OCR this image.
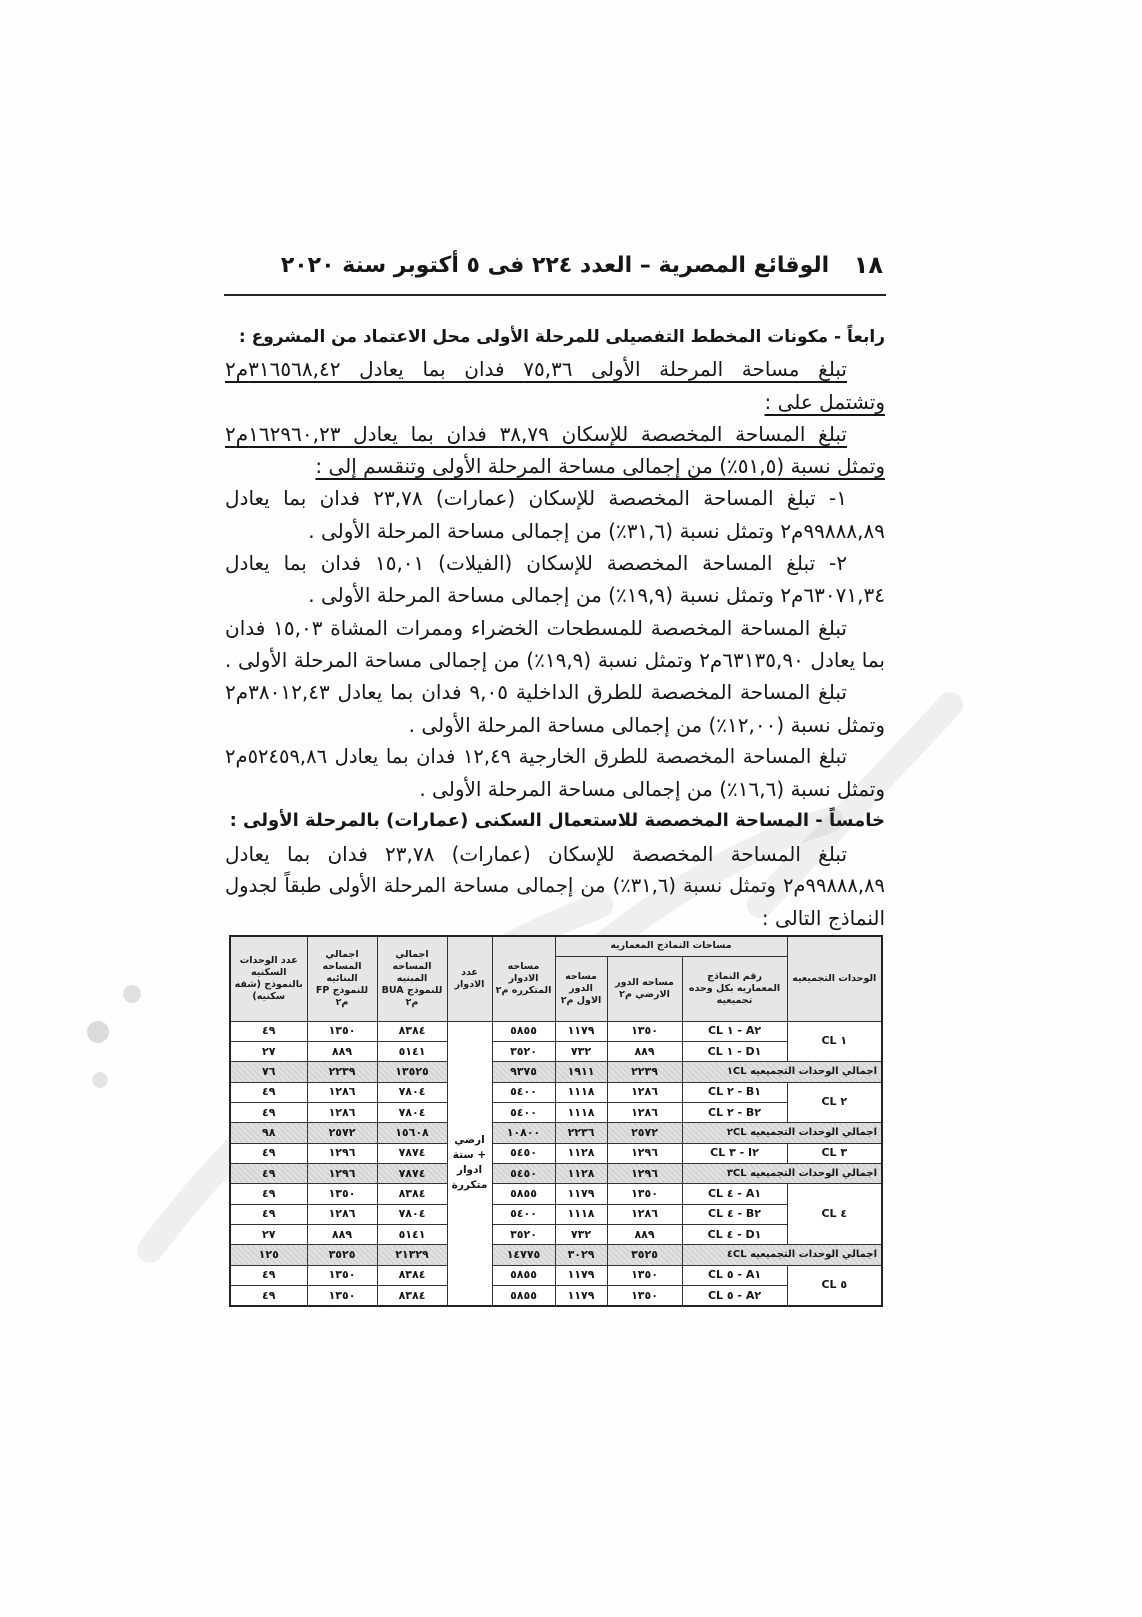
١٨
الوقائع المصرية – العدد ٢٢٤ فى ٥ أكتوبر سنة ٢٠٢٠
رابعاً - مكونات المخطط التفصيلى للمرحلة الأولى محل الاعتماد من المشروع :
تبلغ مساحة المرحلة الأولى ٧٥,٣٦ فدان بما يعادل ٣١٦٥٦٨,٤٢م٢
وتشتمل على :
تبلغ المساحة المخصصة للإسكان ٣٨,٧٩ فدان بما يعادل ١٦٢٩٦٠,٢٣م٢
وتمثل نسبة (٥١,٥٪) من إجمالى مساحة المرحلة الأولى وتنقسم إلى :
١- تبلغ المساحة المخصصة للإسكان (عمارات) ٢٣,٧٨ فدان بما يعادل
٩٩٨٨٨,٨٩م٢ وتمثل نسبة (٣١,٦٪) من إجمالى مساحة المرحلة الأولى .
٢- تبلغ المساحة المخصصة للإسكان (الفيلات) ١٥,٠١ فدان بما يعادل
٦٣٠٧١,٣٤م٢ وتمثل نسبة (١٩,٩٪) من إجمالى مساحة المرحلة الأولى .
تبلغ المساحة المخصصة للمسطحات الخضراء وممرات المشاة ١٥,٠٣ فدان
بما يعادل ٦٣١٣٥,٩٠م٢ وتمثل نسبة (١٩,٩٪) من إجمالى مساحة المرحلة الأولى .
تبلغ المساحة المخصصة للطرق الداخلية ٩,٠٥ فدان بما يعادل ٣٨٠١٢,٤٣م٢
وتمثل نسبة (١٢,٠٠٪) من إجمالى مساحة المرحلة الأولى .
تبلغ المساحة المخصصة للطرق الخارجية ١٢,٤٩ فدان بما يعادل ٥٢٤٥٩,٨٦م٢
وتمثل نسبة (١٦,٦٪) من إجمالى مساحة المرحلة الأولى .
خامساً - المساحة المخصصة للاستعمال السكنى (عمارات) بالمرحلة الأولى :
تبلغ المساحة المخصصة للإسكان (عمارات) ٢٣,٧٨ فدان بما يعادل
٩٩٨٨٨,٨٩م٢ وتمثل نسبة (٣١,٦٪) من إجمالى مساحة المرحلة الأولى طبقاً لجدول
النماذج التالى :
الوحدات التجميعيه	مساحات النماذج المعماريه			مساحه الادوار المتكرره م٢	عدد الادوار	اجمالي المساحه المبنيه للنموذج BUA م٢	اجمالي المساحه البنائيه للنموذج FP م٢	عدد الوحدات السكنيه بالنموذج (شقه سكنيه)
	رقم النماذج المعماريه بكل وحده تجميعيه	مساحه الدور الارضي م٢	مساحه الدور الاول م٢					
CL ١	CL ١ - A٢	١٣٥٠	١١٧٩	٥٨٥٥	ارضي + ستة ادوار متكررة	٨٣٨٤	١٣٥٠	٤٩
	CL ١ - D١	٨٨٩	٧٣٢	٣٥٢٠		٥١٤١	٨٨٩	٢٧
اجمالي الوحدات التجميعيه ١CL		٢٢٣٩	١٩١١	٩٣٧٥		١٣٥٢٥	٢٢٣٩	٧٦
CL ٢	CL ٢ - B١	١٢٨٦	١١١٨	٥٤٠٠		٧٨٠٤	١٢٨٦	٤٩
	CL ٢ - B٢	١٢٨٦	١١١٨	٥٤٠٠		٧٨٠٤	١٢٨٦	٤٩
اجمالي الوحدات التجميعيه ٢CL		٢٥٧٢	٢٢٣٦	١٠٨٠٠		١٥٦٠٨	٢٥٧٢	٩٨
CL ٣	CL ٣ - I٢	١٢٩٦	١١٢٨	٥٤٥٠		٧٨٧٤	١٢٩٦	٤٩
اجمالي الوحدات التجميعيه ٣CL		١٢٩٦	١١٢٨	٥٤٥٠		٧٨٧٤	١٢٩٦	٤٩
CL ٤	CL ٤ - A١	١٣٥٠	١١٧٩	٥٨٥٥		٨٣٨٤	١٣٥٠	٤٩
	CL ٤ - B٢	١٢٨٦	١١١٨	٥٤٠٠		٧٨٠٤	١٢٨٦	٤٩
	CL ٤ - D١	٨٨٩	٧٣٢	٣٥٢٠		٥١٤١	٨٨٩	٢٧
اجمالي الوحدات التجميعيه ٤CL		٣٥٢٥	٣٠٢٩	١٤٧٧٥		٢١٣٢٩	٣٥٢٥	١٢٥
CL ٥	CL ٥ - A١	١٣٥٠	١١٧٩	٥٨٥٥		٨٣٨٤	١٣٥٠	٤٩
	CL ٥ - A٢	١٣٥٠	١١٧٩	٥٨٥٥		٨٣٨٤	١٣٥٠	٤٩
